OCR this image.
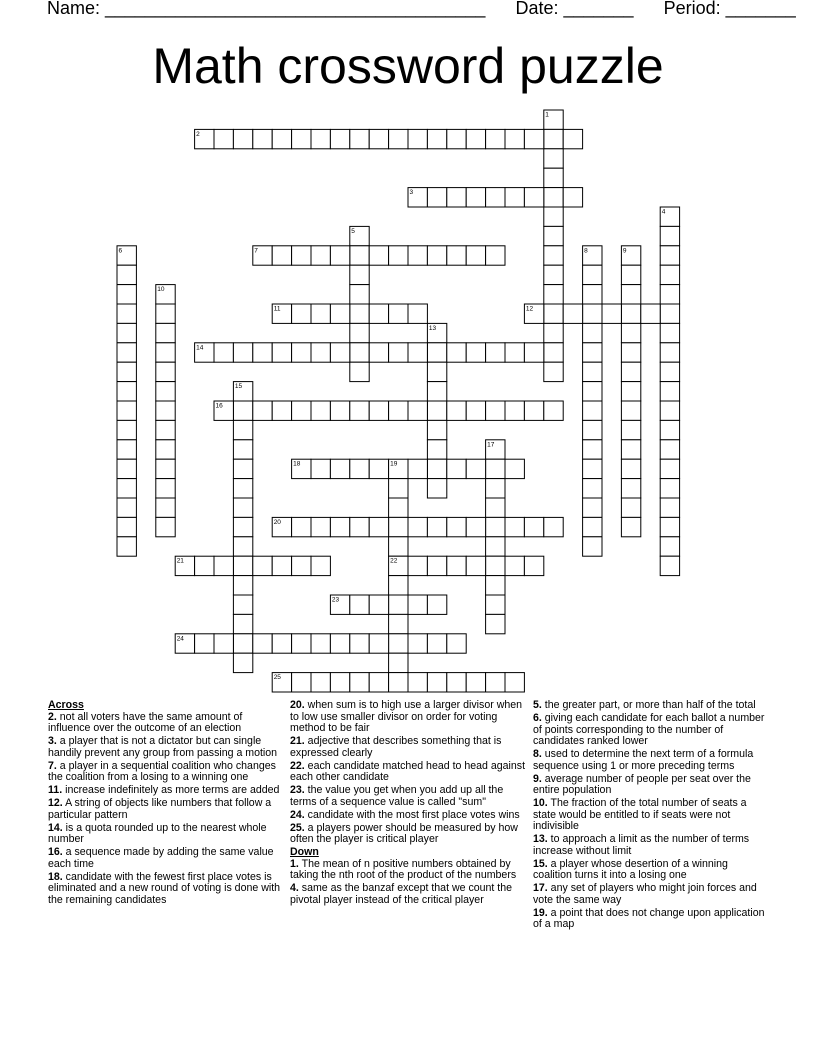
Name: ______________________________________ Date: _______ Period: _______
Math crossword puzzle
1
2
3
4
5
6	7	8	9
10
11	12
13
14
15
16
17
18	19
20
21	22
23
24
25

Across

2. not all voters have the same amount of influence over the outcome of an election

3. a player that is not a dictator but can single handily prevent any group from passing a motion

7. a player in a sequential coalition who changes the coalition from a losing to a winning one

11. increase indefinitely as more terms are added

12. A string of objects like numbers that follow a particular pattern

14. is a quota rounded up to the nearest whole number

16. a sequence made by adding the same value each time

18. candidate with the fewest first place votes is eliminated and a new round of voting is done with the remaining candidates

20. when sum is to high use a larger divisor when to low use smaller divisor on order for voting method to be fair

21. adjective that describes something that is expressed clearly

22. each candidate matched head to head against each other candidate

23. the value you get when you add up all the terms of a sequence value is called "sum"

24. candidate with the most first place votes wins

25. a players power should be measured by how often the player is critical player

Down

1. The mean of n positive numbers obtained by taking the nth root of the product of the numbers

4. same as the banzaf except that we count the pivotal player instead of the critical player

5. the greater part, or more than half of the total

6. giving each candidate for each ballot a number of points corresponding to the number of candidates ranked lower

8. used to determine the next term of a formula sequence using 1 or more preceding terms

9. average number of people per seat over the entire population

10. The fraction of the total number of seats a state would be entitled to if seats were not indivisible

13. to approach a limit as the number of terms increase without limit

15. a player whose desertion of a winning coalition turns it into a losing one

17. any set of players who might join forces and vote the same way

19. a point that does not change upon application of a map
